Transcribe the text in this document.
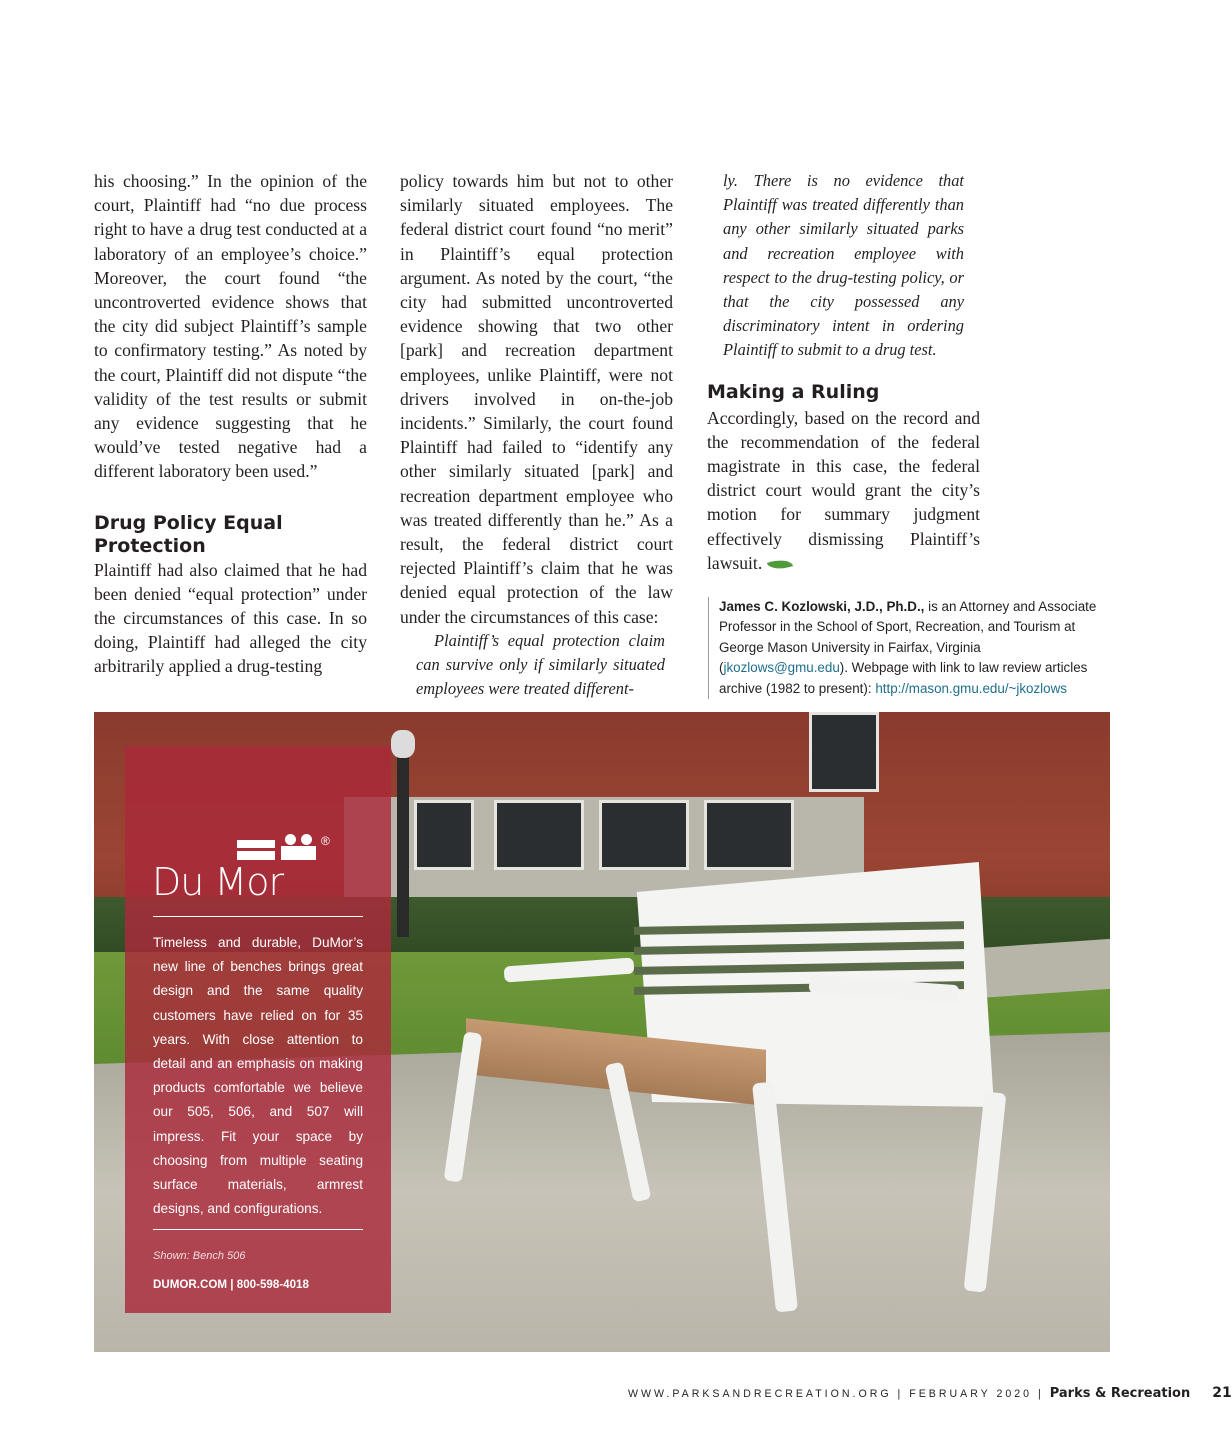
his choosing.” In the opinion of the court, Plaintiff had “no due process right to have a drug test conducted at a laboratory of an employee’s choice.” Moreover, the court found “the uncontroverted evidence shows that the city did subject Plaintiff’s sample to confirmatory testing.” As noted by the court, Plaintiff did not dispute “the validity of the test results or submit any evidence suggesting that he would’ve tested negative had a different laboratory been used.”

Drug Policy Equal Protection

Plaintiff had also claimed that he had been denied “equal protection” under the circumstances of this case. In so doing, Plaintiff had alleged the city arbitrarily applied a drug-testing

policy towards him but not to other similarly situated employees. The federal district court found “no merit” in Plaintiff’s equal protection argument. As noted by the court, “the city had submitted uncontroverted evidence showing that two other [park] and recreation department employees, unlike Plaintiff, were not drivers involved in on-the-job incidents.” Similarly, the court found Plaintiff had failed to “identify any other similarly situated [park] and recreation department employee who was treated differently than he.” As a result, the federal district court rejected Plaintiff’s claim that he was denied equal protection of the law under the circumstances of this case:

Plaintiff’s equal protection claim can survive only if similarly situated employees were treated different-

ly. There is no evidence that Plaintiff was treated differently than any other similarly situated parks and recreation employee with respect to the drug-testing policy, or that the city possessed any discriminatory intent in ordering Plaintiff to submit to a drug test.

Making a Ruling

Accordingly, based on the record and the recommendation of the federal magistrate in this case, the federal district court would grant the city’s motion for summary judgment effectively dismissing Plaintiff’s lawsuit.

James C. Kozlowski, J.D., Ph.D., is an Attorney and Associate Professor in the School of Sport, Recreation, and Tourism at George Mason University in Fairfax, Virginia (jkozlows@gmu.edu). Webpage with link to law review articles archive (1982 to present): http://mason.gmu.edu/~jkozlows
®
Du Mor
Timeless and durable, DuMor’s new line of benches brings great design and the same quality customers have relied on for 35 years. With close attention to detail and an emphasis on making products comfortable we believe our 505, 506, and 507 will impress. Fit your space by choosing from multiple seating surface materials, armrest designs, and configurations.
Shown: Bench 506
DUMOR.COM | 800-598-4018
WWW.PARKSANDRECREATION.ORG | FEBRUARY 2020 | Parks & Recreation 21
